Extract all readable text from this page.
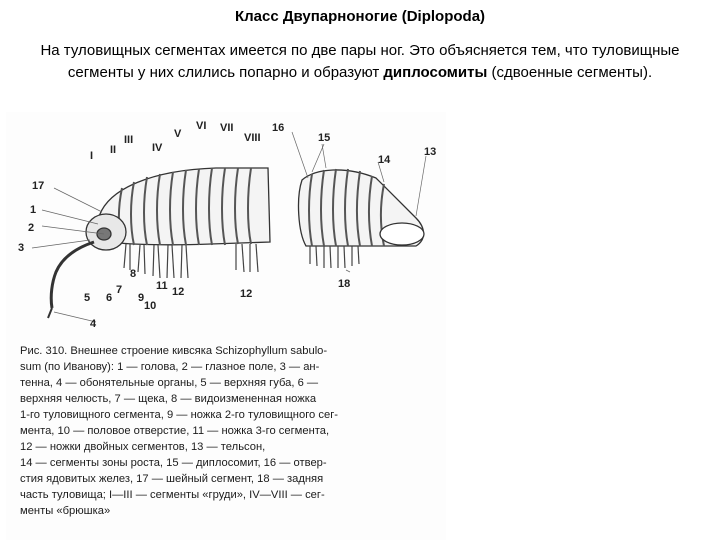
Класс Двупарноногие (Diplopoda)
На туловищных сегментах имеется по две пары ног. Это объясняется тем, что туловищные сегменты у них слились попарно и образуют диплосомиты (сдвоенные сегменты).
I II
III
IV
V
VI VII
VIII
17
1
2
3
5 6
7
8
9
10
11 12	12
4
16
15
14
13
18
Рис. 310. Внешнее строение кивсяка Schizophyllum sabulo-
sum (по Иванову): 1 — голова, 2 — глазное поле, 3 — ан-
тенна, 4 — обонятельные органы, 5 — верхняя губа, 6 —
верхняя челюсть, 7 — щека, 8 — видоизмененная ножка
1-го туловищного сегмента, 9 — ножка 2-го туловищного сег-
мента, 10 — половое отверстие, 11 — ножка 3-го сегмента,
12 — ножки двойных сегментов, 13 — тельсон,
14 — сегменты зоны роста, 15 — диплосомит, 16 — отвер-
стия ядовитых желез, 17 — шейный сегмент, 18 — задняя
часть туловища; I—III — сегменты «груди», IV—VIII — сег-
менты «брюшка»
